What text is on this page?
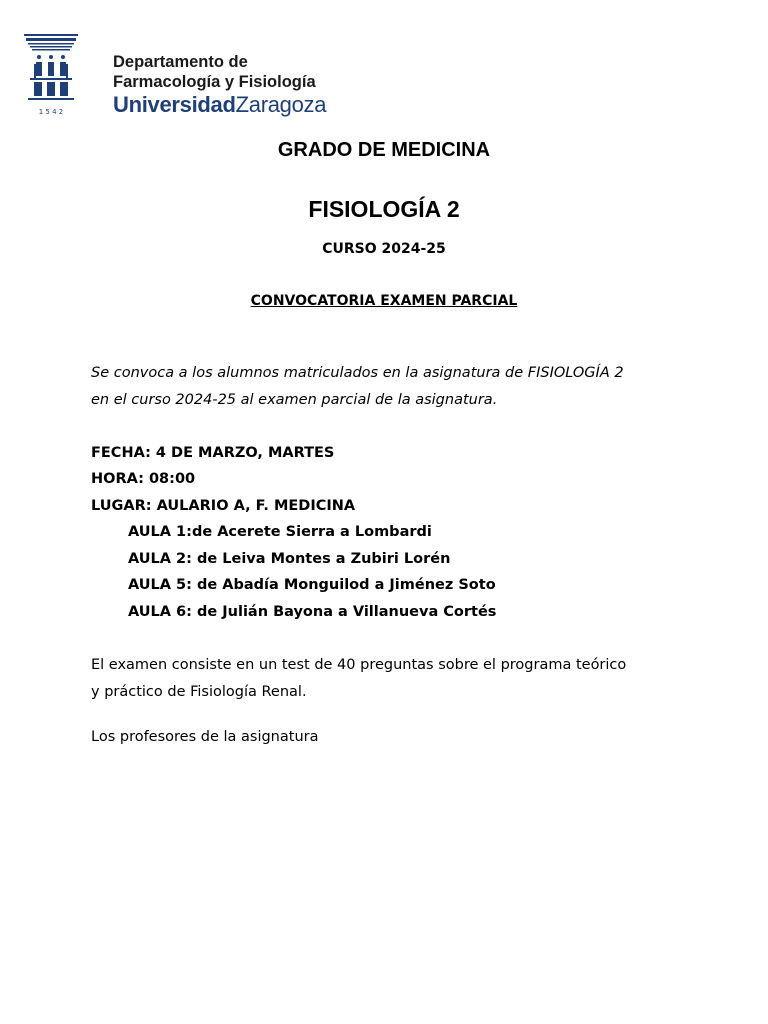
1 5 4 2
Departamento de
Farmacología y Fisiología
UniversidadZaragoza
GRADO DE MEDICINA
FISIOLOGÍA 2
CURSO 2024-25
CONVOCATORIA EXAMEN PARCIAL
Se convoca a los alumnos matriculados en la asignatura de FISIOLOGÍA 2
en el curso 2024-25 al examen parcial de la asignatura.
FECHA: 4 DE MARZO, MARTES
HORA: 08:00
LUGAR: AULARIO A, F. MEDICINA
AULA 1:de Acerete Sierra a Lombardi
AULA 2: de Leiva Montes a Zubiri Lorén
AULA 5: de Abadía Monguilod a Jiménez Soto
AULA 6: de Julián Bayona a Villanueva Cortés
El examen consiste en un test de 40 preguntas sobre el programa teórico
y práctico de Fisiología Renal.
Los profesores de la asignatura
